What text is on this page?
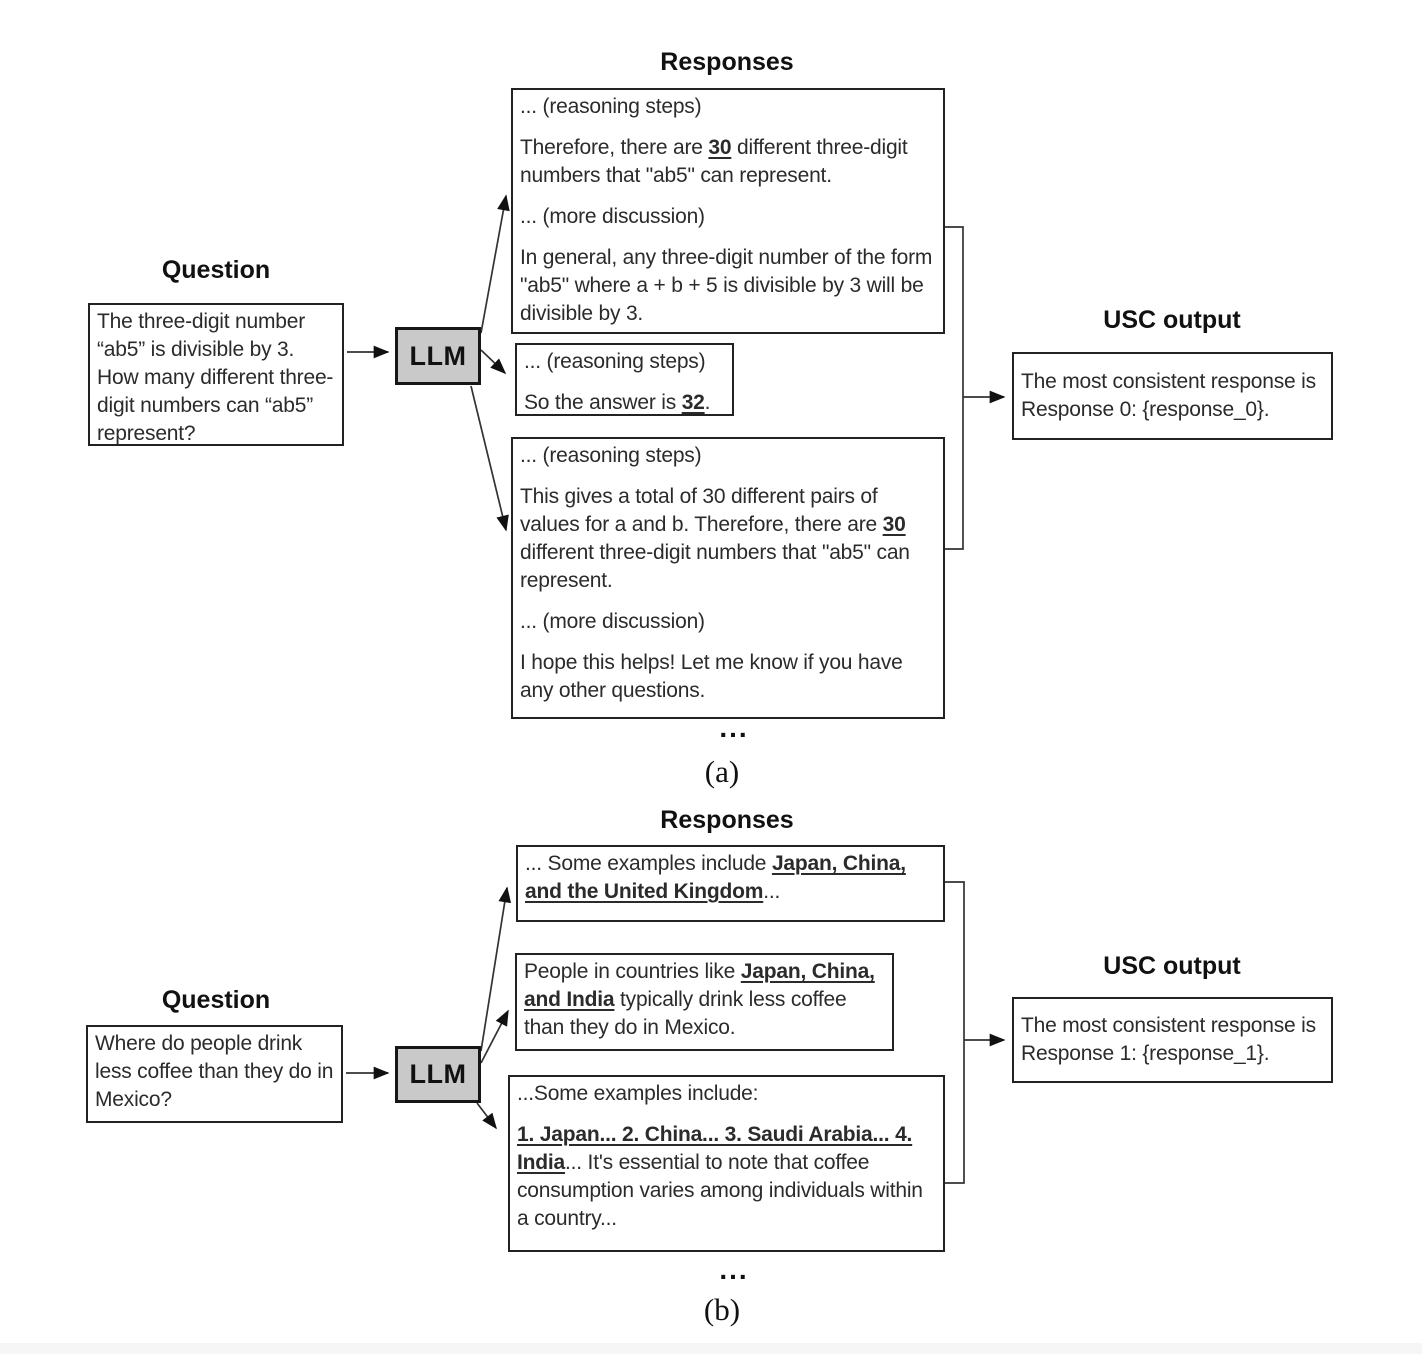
Responses
Question

The three-digit number “ab5” is divisible by 3. How many different three-digit numbers can “ab5” represent?

LLM

... (reasoning steps)

Therefore, there are 30 different three-digit numbers that "ab5" can represent.

... (more discussion)

In general, any three-digit number of the form "ab5" where a + b + 5 is divisible by 3 will be divisible by 3.

... (reasoning steps)

So the answer is 32.

... (reasoning steps)

This gives a total of 30 different pairs of values for a and b. Therefore, there are 30 different three-digit numbers that "ab5" can represent.

... (more discussion)

I hope this helps! Let me know if you have any other questions.

USC output

The most consistent response is Response 0: {response_0}.

...
(a)
Responses
Question

Where do people drink less coffee than they do in Mexico?

LLM

... Some examples include Japan, China, and the United Kingdom...

People in countries like Japan, China, and India typically drink less coffee than they do in Mexico.

...Some examples include:

1. Japan... 2. China... 3. Saudi Arabia... 4. India... It's essential to note that coffee consumption varies among individuals within a country...

USC output

The most consistent response is Response 1: {response_1}.

...
(b)
